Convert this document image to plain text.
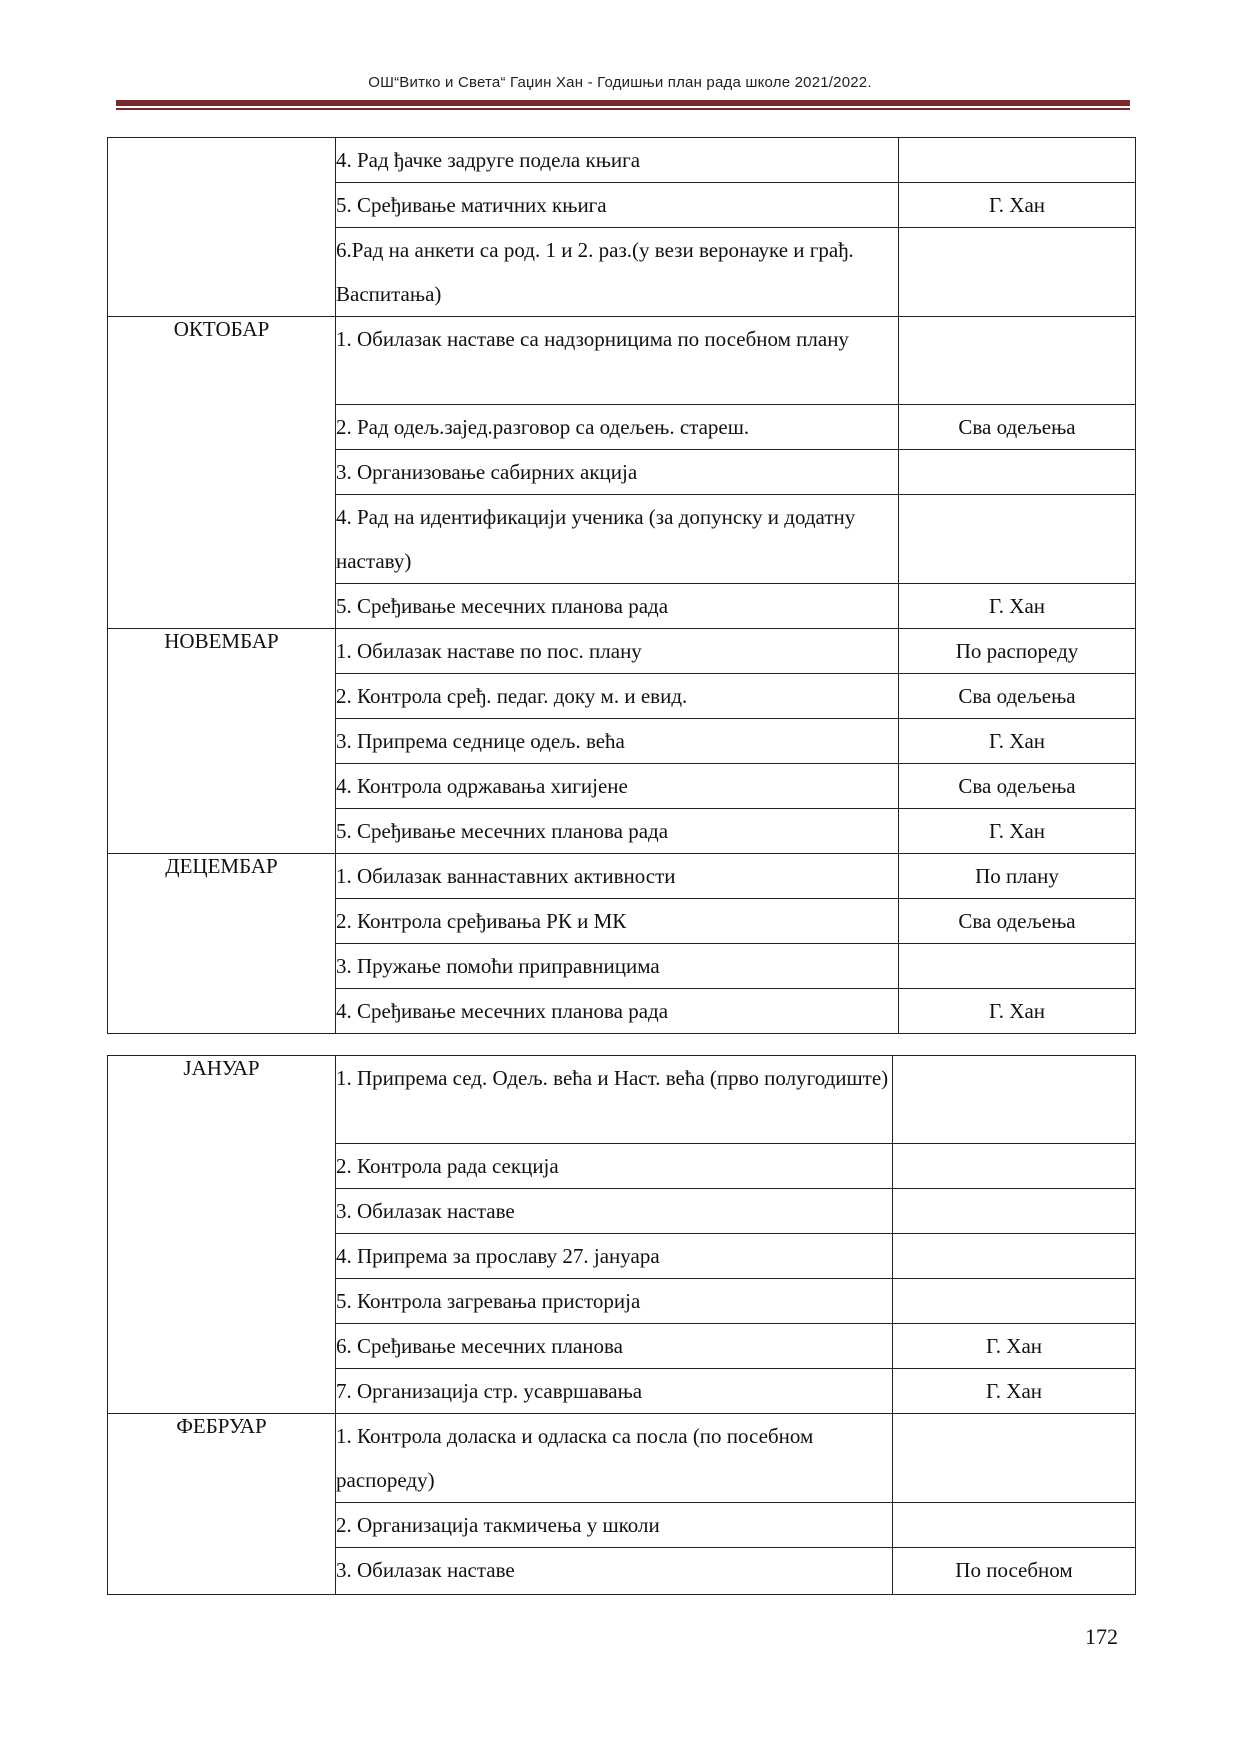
ОШ“Витко и Света“ Гаџин Хан - Годишњи план рада школе 2021/2022.
	4. Рад ђачке задруге подела књига	
	5. Сређивање матичних књига	Г. Хан
	6.Рад на анкети са род. 1 и 2. раз.(у вези веронауке и грађ. Васпитања)	
ОКТОБАР	1. Обилазак наставе са надзорницима по посебном плану	
	2. Рад одељ.заjед.разговор са одељењ. стареш.	Сва одељења
	3. Организовање сабирних акција	
	4. Рад на идентификацији ученика (за допунску и додатну наставу)	
	5. Сређивање месечних планова рада	Г. Хан
НОВЕМБАР	1. Обилазак наставе по пос. плану	По распореду
	2. Контрола сређ. педаг. доку м. и евид.	Сва одељења
	3. Припрема седнице одељ. већа	Г. Хан
	4. Контрола одржавања хигијене	Сва одељења
	5. Сређивање месечних планова рада	Г. Хан
ДЕЦЕМБАР	1. Обилазак ваннаставних активности	По плану
	2. Контрола сређивања РК и МК	Сва одељења
	3. Пружање помоћи приправницима	
	4. Сређивање месечних планова рада	Г. Хан
ЈАНУАР	1. Припрема сед. Одељ. већа и Наст. већа (прво полугодиште)	
	2. Контрола рада секција	
	3. Обилазак наставе	
	4. Припрема за прославу 27. јануара	
	5. Контрола загревања присторија	
	6. Сређивање месечних планова	Г. Хан
	7. Организација стр. усавршавања	Г. Хан
ФЕБРУАР	1. Контрола доласка и одласка са посла (по посебном распореду)	
	2. Организација такмичења у школи	
	3. Обилазак наставе	По посебном
172
